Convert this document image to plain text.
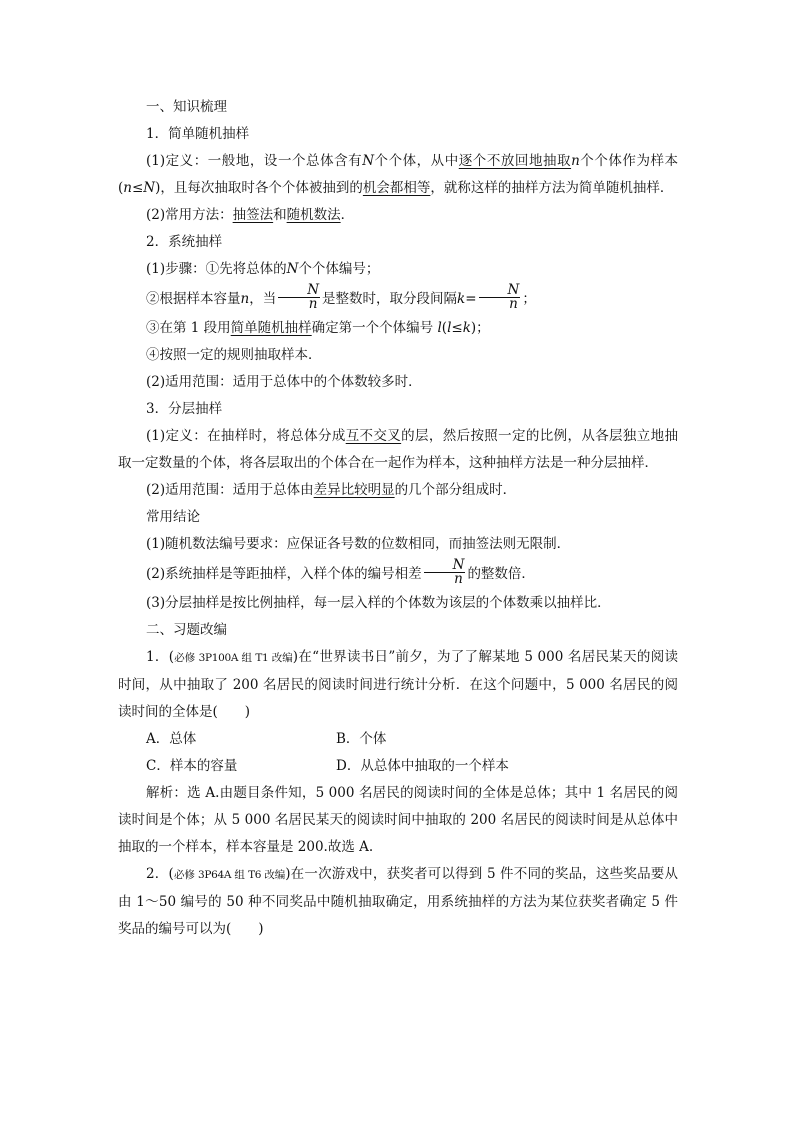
一、知识梳理

1．简单随机抽样

(1)定义：一般地，设一个总体含有N个个体，从中逐个不放回地抽取n个个体作为样本(n≤N)，且每次抽取时各个个体被抽到的机会都相等，就称这样的抽样方法为简单随机抽样．

(2)常用方法：抽签法和随机数法．

2．系统抽样

(1)步骤：①先将总体的N个个体编号；

②根据样本容量n，当 $\frac{N}{n}$ 是整数时，取分段间隔$k= \frac{N}{n}$ ；

③在第 1 段用简单随机抽样确定第一个个体编号 l(l≤k)；

④按照一定的规则抽取样本．

(2)适用范围：适用于总体中的个体数较多时．

3．分层抽样

(1)定义：在抽样时，将总体分成互不交叉的层，然后按照一定的比例，从各层独立地抽取一定数量的个体，将各层取出的个体合在一起作为样本，这种抽样方法是一种分层抽样．

(2)适用范围：适用于总体由差异比较明显的几个部分组成时．

常用结论

(1)随机数法编号要求：应保证各号数的位数相同，而抽签法则无限制．

(2)系统抽样是等距抽样，入样个体的编号相差 $\frac{N}{n}$ 的整数倍．

(3)分层抽样是按比例抽样，每一层入样的个体数为该层的个体数乘以抽样比．

二、习题改编

1．(必修 3P100A 组 T1 改编)在“世界读书日”前夕，为了了解某地 5 000 名居民某天的阅读时间，从中抽取了 200 名居民的阅读时间进行统计分析．在这个问题中，5 000 名居民的阅读时间的全体是(　　)

A．总体	B．个体
C．样本的容量	D．从总体中抽取的一个样本

解析：选 A.由题目条件知，5 000 名居民的阅读时间的全体是总体；其中 1 名居民的阅读时间是个体；从 5 000 名居民某天的阅读时间中抽取的 200 名居民的阅读时间是从总体中抽取的一个样本，样本容量是 200.故选 A.

2．(必修 3P64A 组 T6 改编)在一次游戏中，获奖者可以得到 5 件不同的奖品，这些奖品要从由 1～50 编号的 50 种不同奖品中随机抽取确定，用系统抽样的方法为某位获奖者确定 5 件奖品的编号可以为(　　)
